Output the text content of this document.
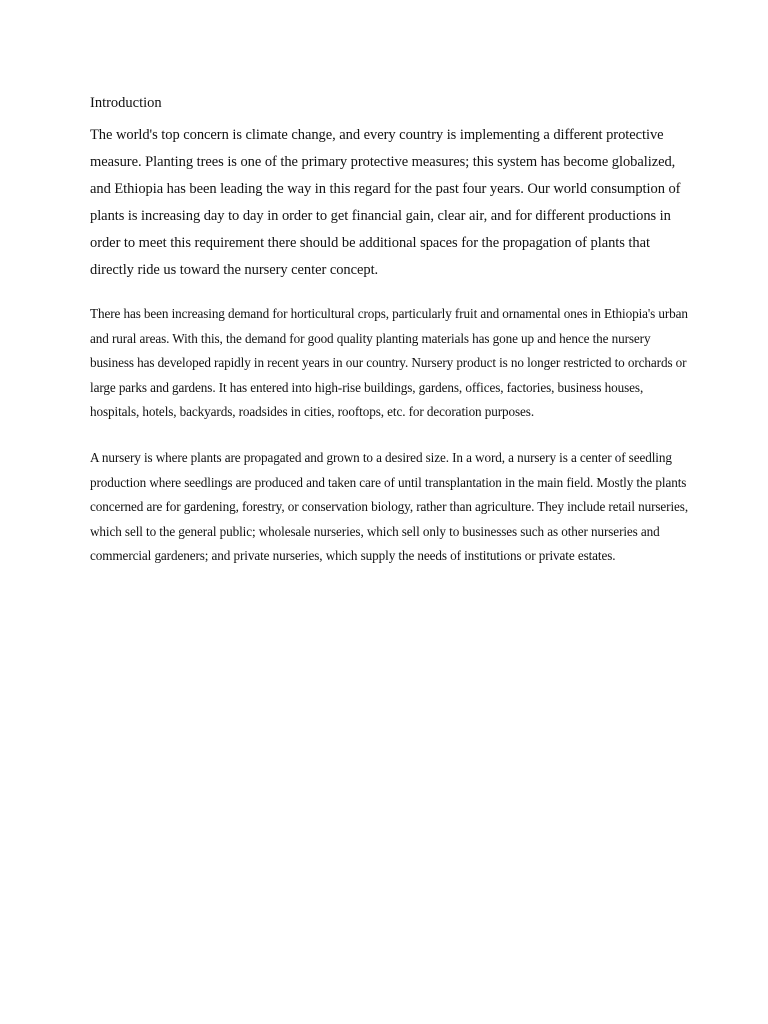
Introduction

The world's top concern is climate change, and every country is implementing a different protective measure. Planting trees is one of the primary protective measures; this system has become globalized, and Ethiopia has been leading the way in this regard for the past four years. Our world consumption of plants is increasing day to day in order to get financial gain, clear air, and for different productions in order to meet this requirement there should be additional spaces for the propagation of plants that directly ride us toward the nursery center concept.

There has been increasing demand for horticultural crops, particularly fruit and ornamental ones in Ethiopia's urban and rural areas. With this, the demand for good quality planting materials has gone up and hence the nursery business has developed rapidly in recent years in our country. Nursery product is no longer restricted to orchards or large parks and gardens. It has entered into high-rise buildings, gardens, offices, factories, business houses, hospitals, hotels, backyards, roadsides in cities, rooftops, etc. for decoration purposes.

A nursery is where plants are propagated and grown to a desired size. In a word, a nursery is a center of seedling production where seedlings are produced and taken care of until transplantation in the main field. Mostly the plants concerned are for gardening, forestry, or conservation biology, rather than agriculture. They include retail nurseries, which sell to the general public; wholesale nurseries, which sell only to businesses such as other nurseries and commercial gardeners; and private nurseries, which supply the needs of institutions or private estates.
